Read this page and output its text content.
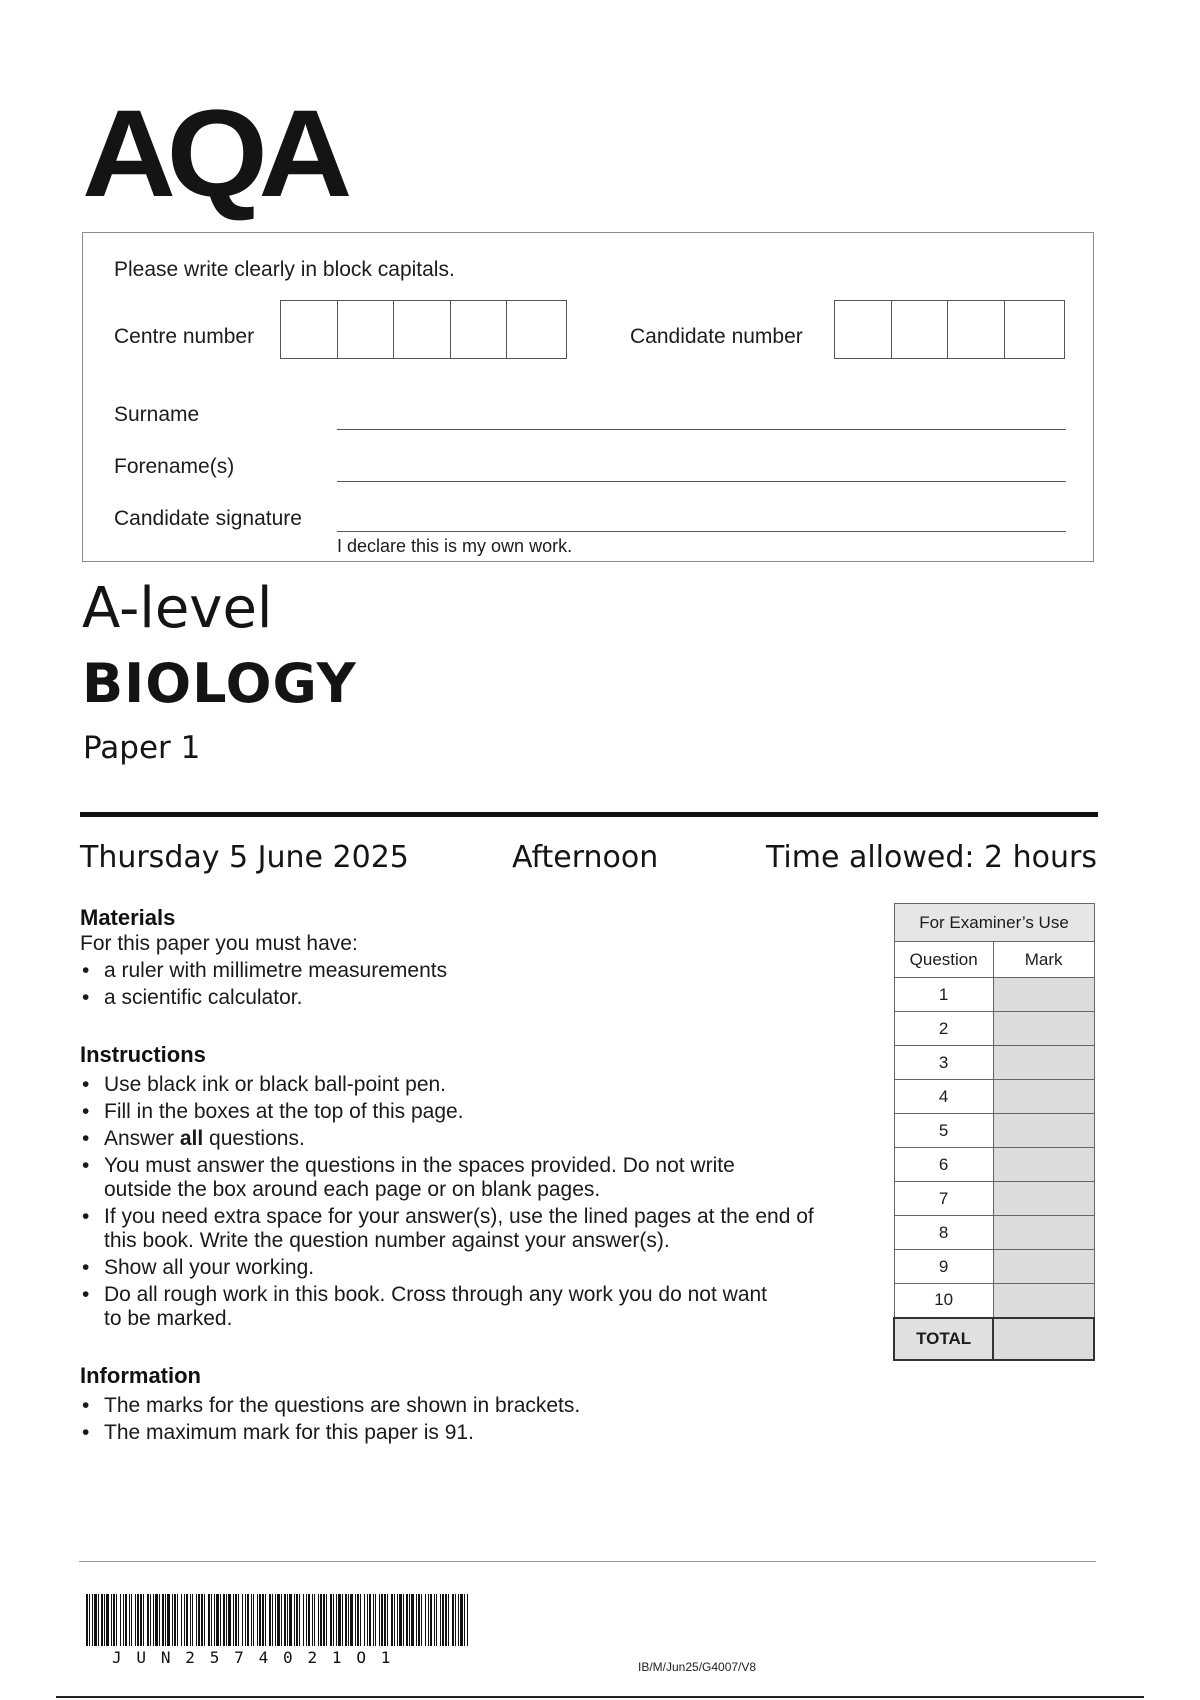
AQA
Please write clearly in block capitals.
Centre number	Candidate number
Surname
Forename(s)
Candidate signature
I declare this is my own work.
A-level
BIOLOGY
Paper 1
Thursday 5 June 2025	Afternoon	Time allowed: 2 hours
Materials
For this paper you must have:
• a ruler with millimetre measurements
• a scientific calculator.
Instructions
• Use black ink or black ball-point pen.
• Fill in the boxes at the top of this page.
• Answer all questions.
• You must answer the questions in the spaces provided. Do not write
outside the box around each page or on blank pages.
• If you need extra space for your answer(s), use the lined pages at the end of
this book. Write the question number against your answer(s).
• Show all your working.
• Do all rough work in this book. Cross through any work you do not want
to be marked.
Information
• The marks for the questions are shown in brackets.
• The maximum mark for this paper is 91.
For Examiner’s Use	
Question	Mark
1	
2	
3	
4	
5	
6	
7	
8	
9	
10	
TOTAL	
JUN2574021O1	IB/M/Jun25/G4007/V8
